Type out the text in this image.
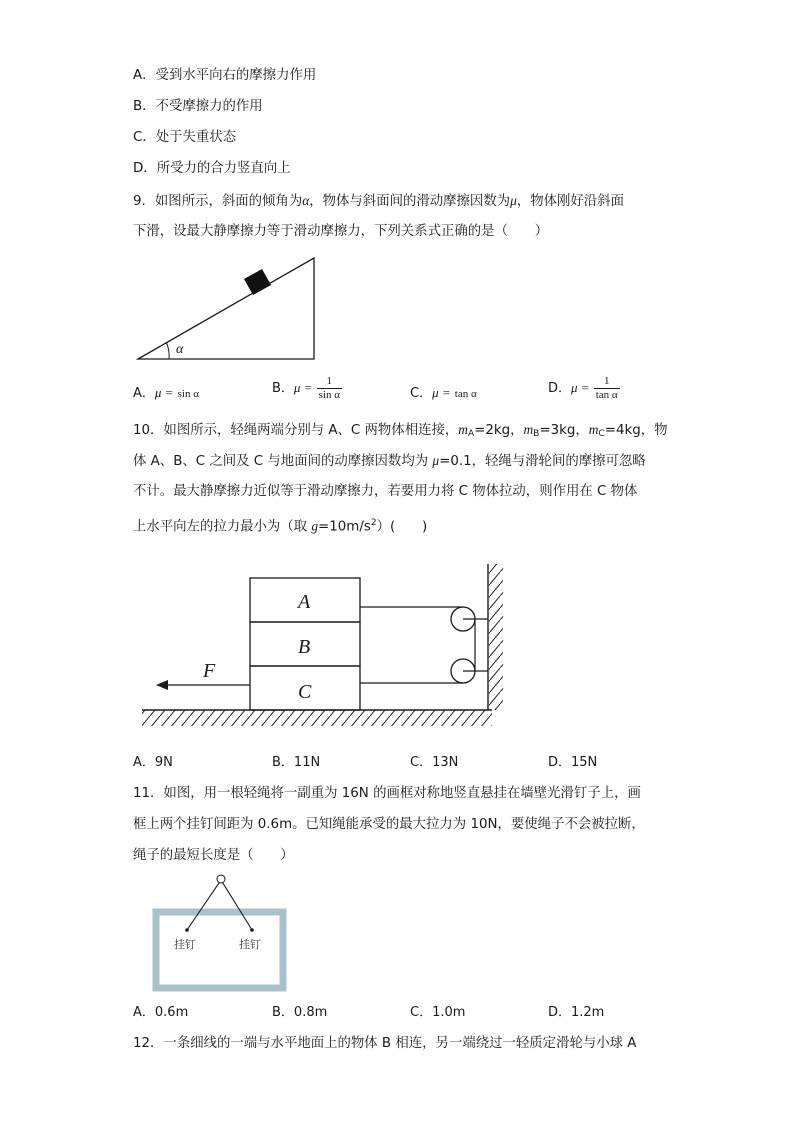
A．受到水平向右的摩擦力作用
B．不受摩擦力的作用
C．处于失重状态
D．所受力的合力竖直向上
9．如图所示，斜面的倾角为α，物体与斜面间的滑动摩擦因数为μ，物体刚好沿斜面
下滑，设最大静摩擦力等于滑动摩擦力，下列关系式正确的是（　　）
α
A．μ = sin α	B．$\mu = \frac{1}{\text{sin α}}$	C．μ = tan α	D．$\mu = \frac{1}{\text{tan α}}$
10．如图所示，轻绳两端分别与 A、C 两物体相连接，$m_A=2kg$，$m_B=3kg$，$m_C=4kg$，物
体 A、B、C 之间及 C 与地面间的动摩擦因数均为 μ=0.1，轻绳与滑轮间的摩擦可忽略
不计。最大静摩擦力近似等于滑动摩擦力，若要用力将 C 物体拉动，则作用在 C 物体
上水平向左的拉力最小为（取 $g=10m/s^2$）(　　)
A
B
C
F
A．9N	B．11N	C．13N	D．15N
11．如图，用一根轻绳将一副重为 16N 的画框对称地竖直悬挂在墙壁光滑钉子上，画
框上两个挂钉间距为 0.6m。已知绳能承受的最大拉力为 10N，要使绳子不会被拉断，
绳子的最短长度是（　　）
挂钉	挂钉
A．0.6m	B．0.8m	C．1.0m	D．1.2m
12．一条细线的一端与水平地面上的物体 B 相连，另一端绕过一轻质定滑轮与小球 A
